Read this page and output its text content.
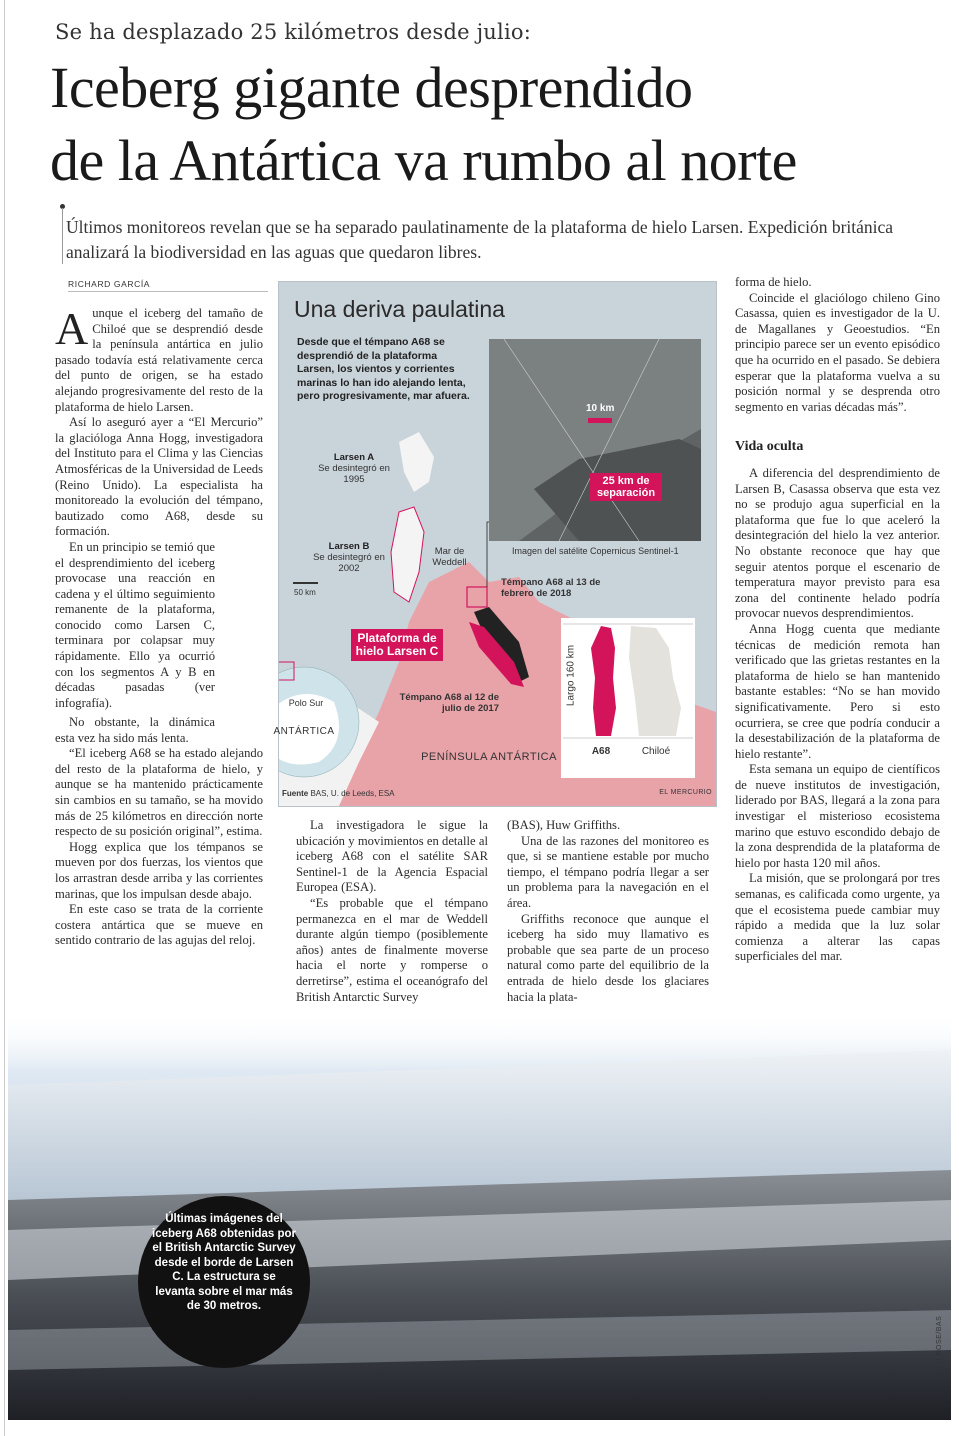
Se ha desplazado 25 kilómetros desde julio:
Iceberg gigante desprendido
de la Antártica va rumbo al norte
Últimos monitoreos revelan que se ha separado paulatinamente de la plataforma de hielo Larsen. Expedición británica analizará la biodiversidad en las aguas que quedaron libres.
RICHARD GARCÍA

Aunque el iceberg del tamaño de Chiloé que se desprendió desde la península antártica en julio pasado todavía está relativamente cerca del punto de origen, se ha estado alejando progresivamente del resto de la plataforma de hielo Larsen.

Así lo aseguró ayer a “El Mercurio” la glacióloga Anna Hogg, investigadora del Instituto para el Clima y las Ciencias Atmosféricas de la Universidad de Leeds (Reino Unido). La especialista ha monitoreado la evolución del témpano, bautizado como A68, desde su formación.

En un principio se temió que el desprendimiento del iceberg provocase una reacción en cadena y el último seguimiento remanente de la plataforma, conocido como Larsen C, terminara por colapsar muy rápidamente. Ello ya ocurrió con los segmentos A y B en décadas pasadas (ver infografía).

No obstante, la dinámica esta vez ha sido más lenta.

“El iceberg A68 se ha estado alejando del resto de la plataforma de hielo, y aunque se ha mantenido prácticamente sin cambios en su tamaño, se ha movido más de 25 kilómetros en dirección norte respecto de su posición original”, estima.

Hogg explica que los témpanos se mueven por dos fuerzas, los vientos que los arrastran desde arriba y las corrientes marinas, que los impulsan desde abajo.

En este caso se trata de la corriente costera antártica que se mueve en sentido contrario de las agujas del reloj.

La investigadora le sigue la ubicación y movimientos en detalle al iceberg A68 con el satélite SAR Sentinel-1 de la Agencia Espacial Europea (ESA).

“Es probable que el témpano permanezca en el mar de Weddell durante algún tiempo (posiblemente años) antes de finalmente moverse hacia el norte y romperse o derretirse”, estima el oceanógrafo del British Antarctic Survey

(BAS), Huw Griffiths.

Una de las razones del monitoreo es que, si se mantiene estable por mucho tiempo, el témpano podría llegar a ser un problema para la navegación en el área.

Griffiths reconoce que aunque el iceberg ha sido muy llamativo es probable que sea parte de un proceso natural como parte del equilibrio de la entrada de hielo desde los glaciares hacia la plata-

forma de hielo.

Coincide el glaciólogo chileno Gino Casassa, quien es investigador de la U. de Magallanes y Geoestudios. “En principio parece ser un evento episódico que ha ocurrido en el pasado. Se debiera esperar que la plataforma vuelva a su posición normal y se desprenda otro segmento en varias décadas más”.

Vida oculta

A diferencia del desprendimiento de Larsen B, Casassa observa que esta vez no se produjo agua superficial en la plataforma que fue lo que aceleró la desintegración del hielo la vez anterior. No obstante reconoce que hay que seguir atentos porque el escenario de temperatura mayor previsto para esa zona del continente helado podría provocar nuevos desprendimientos.

Anna Hogg cuenta que mediante técnicas de medición remota han verificado que las grietas restantes en la plataforma de hielo se han mantenido bastante estables: “No se han movido significativamente. Pero si esto ocurriera, se cree que podría conducir a la desestabilización de la plataforma de hielo restante”.

Esta semana un equipo de científicos de nueve institutos de investigación, liderado por BAS, llegará a la zona para investigar el misterioso ecosistema marino que estuvo escondido debajo de la zona desprendida de la plataforma de hielo por hasta 120 mil años.

La misión, que se prolongará por tres semanas, es calificada como urgente, ya que el ecosistema puede cambiar muy rápido a medida que la luz solar comienza a alterar las capas superficiales del mar.

Una deriva paulatina
Desde que el témpano A68 se desprendió de la plataforma Larsen, los vientos y corrientes marinas lo han ido alejando lenta, pero progresivamente, mar afuera.
Larsen A
Se desintegró en 1995
Larsen B
Se desintegró en 2002
Mar de Weddell
50 km
Plataforma de hielo Larsen C
Témpano A68 al 13 de febrero de 2018
Témpano A68 al 12 de julio de 2017
PENÍNSULA ANTÁRTICA
Polo Sur
ANTÁRTICA
10 km
25 km de separación
Imagen del satélite Copernicus Sentinel-1
Largo 160 km
A68	Chiloé
Fuente BAS, U. de Leeds, ESA	EL MERCURIO
Últimas imágenes del iceberg A68 obtenidas por el British Antarctic Survey desde el borde de Larsen C. La estructura se levanta sobre el mar más de 30 metros.
ALI ROSE/BAS
